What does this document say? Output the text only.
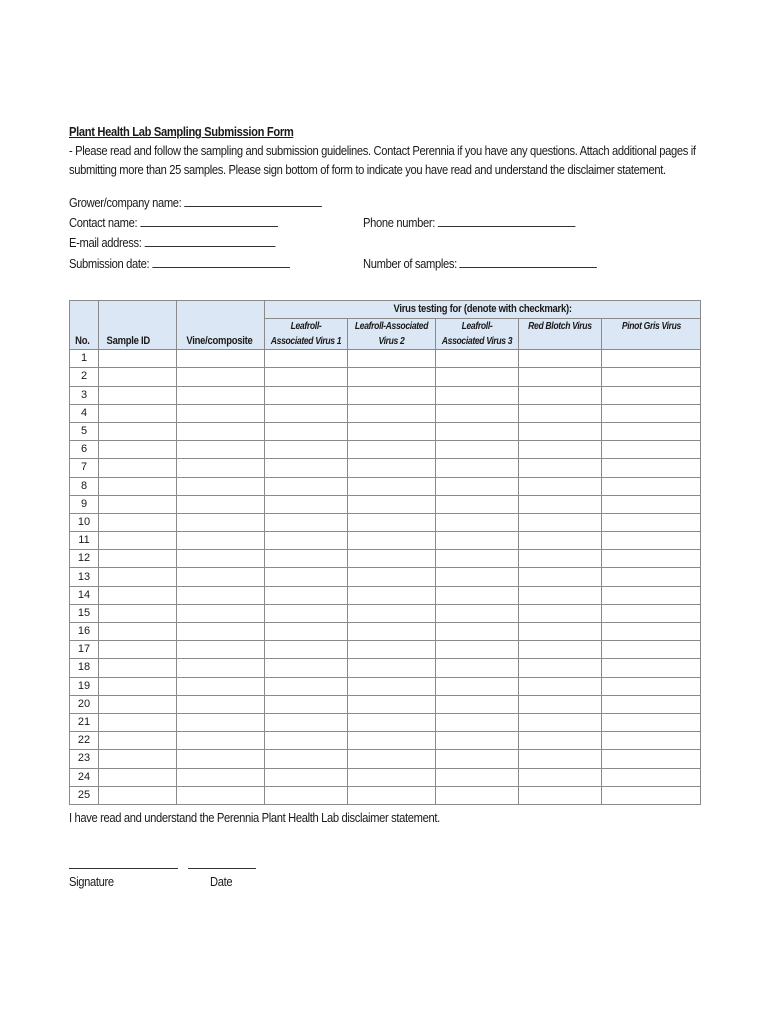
Plant Health Lab Sampling Submission Form

- Please read and follow the sampling and submission guidelines. Contact Perennia if you have any questions. Attach additional pages if submitting more than 25 samples. Please sign bottom of form to indicate you have read and understand the disclaimer statement.
Grower/company name:
Contact name:	Phone number:
E-mail address:
Submission date:	Number of samples:
No.	Sample ID	Vine/composite	Virus testing for (denote with checkmark):				
			Leafroll-Associated Virus 1	Leafroll-Associated Virus 2	Leafroll-Associated Virus 3	Red Blotch Virus	Pinot Gris Virus

1							
2							
3							
4							
5							
6							
7							
8							
9							
10							
11							
12							
13							
14							
15							
16							
17							
18							
19							
20							
21							
22							
23							
24							
25							
I have read and understand the Perennia Plant Health Lab disclaimer statement.
Signature	Date
